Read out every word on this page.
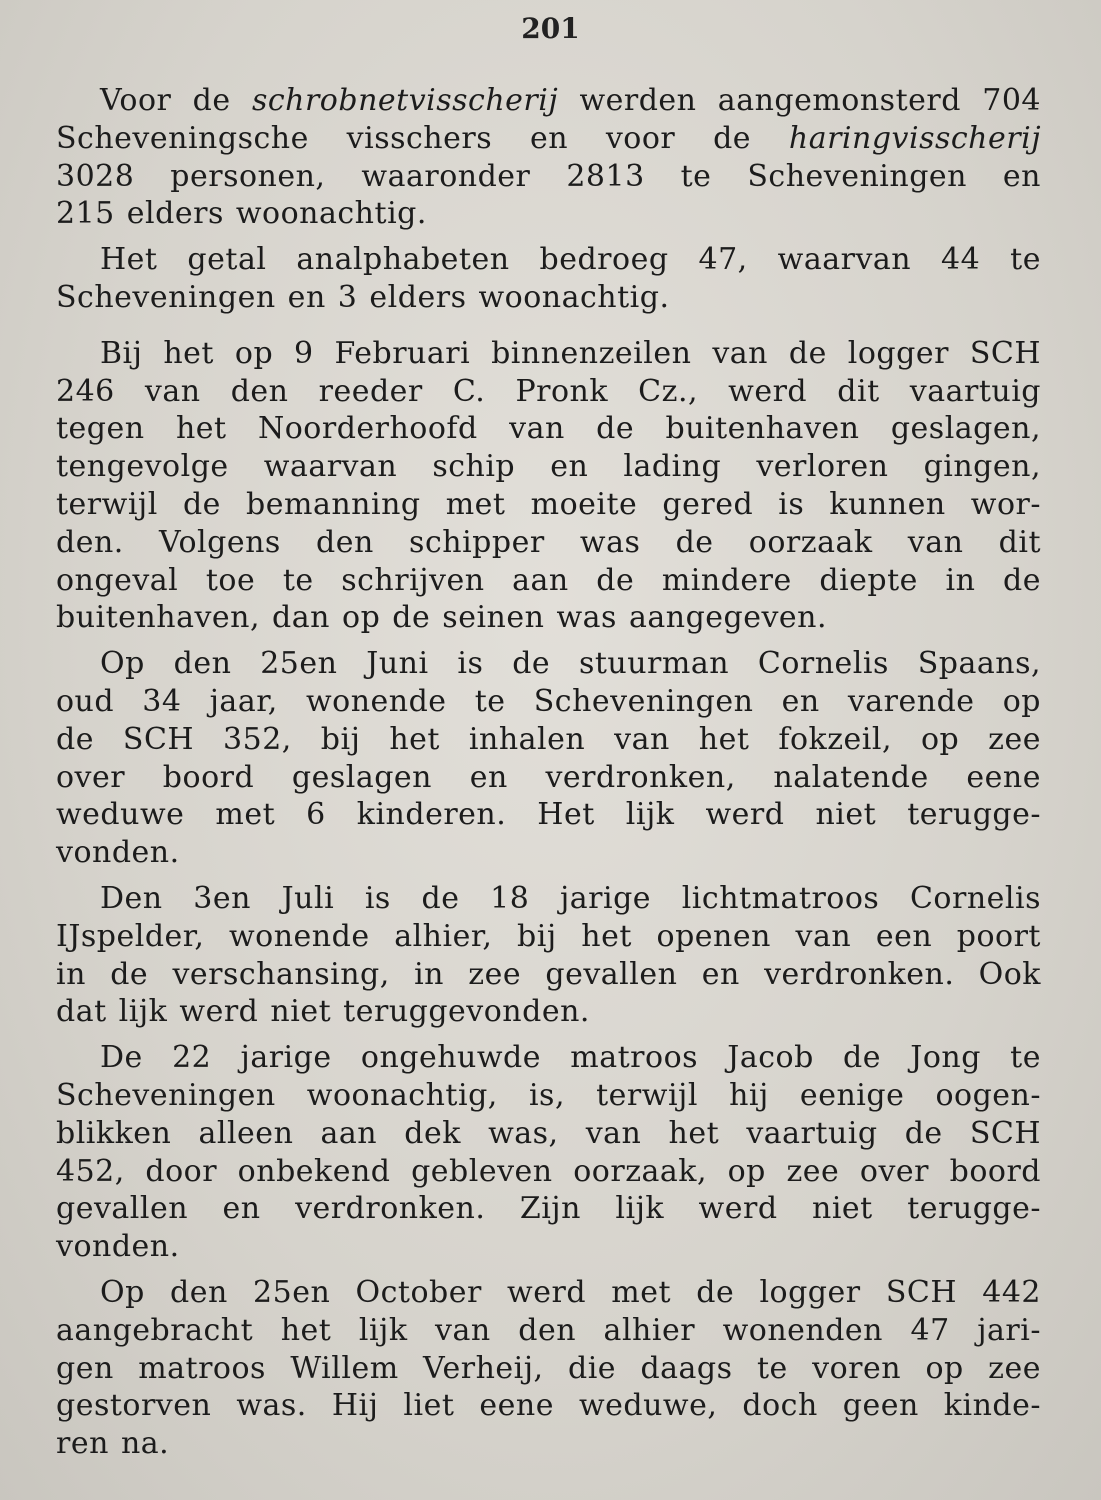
201
Voor de schrobnetvisscherij werden aangemonsterd 704
Scheveningsche visschers en voor de haringvisscherij
3028 personen, waaronder 2813 te Scheveningen en
215 elders woonachtig.
Het getal analphabeten bedroeg 47, waarvan 44 te
Scheveningen en 3 elders woonachtig.
Bij het op 9 Februari binnenzeilen van de logger SCH
246 van den reeder C. Pronk Cz., werd dit vaartuig
tegen het Noorderhoofd van de buitenhaven geslagen,
tengevolge waarvan schip en lading verloren gingen,
terwijl de bemanning met moeite gered is kunnen wor-
den. Volgens den schipper was de oorzaak van dit
ongeval toe te schrijven aan de mindere diepte in de
buitenhaven, dan op de seinen was aangegeven.
Op den 25en Juni is de stuurman Cornelis Spaans,
oud 34 jaar, wonende te Scheveningen en varende op
de SCH 352, bij het inhalen van het fokzeil, op zee
over boord geslagen en verdronken, nalatende eene
weduwe met 6 kinderen. Het lijk werd niet terugge-
vonden.
Den 3en Juli is de 18 jarige lichtmatroos Cornelis
IJspelder, wonende alhier, bij het openen van een poort
in de verschansing, in zee gevallen en verdronken. Ook
dat lijk werd niet teruggevonden.
De 22 jarige ongehuwde matroos Jacob de Jong te
Scheveningen woonachtig, is, terwijl hij eenige oogen-
blikken alleen aan dek was, van het vaartuig de SCH
452, door onbekend gebleven oorzaak, op zee over boord
gevallen en verdronken. Zijn lijk werd niet terugge-
vonden.
Op den 25en October werd met de logger SCH 442
aangebracht het lijk van den alhier wonenden 47 jari-
gen matroos Willem Verheij, die daags te voren op zee
gestorven was. Hij liet eene weduwe, doch geen kinde-
ren na.
